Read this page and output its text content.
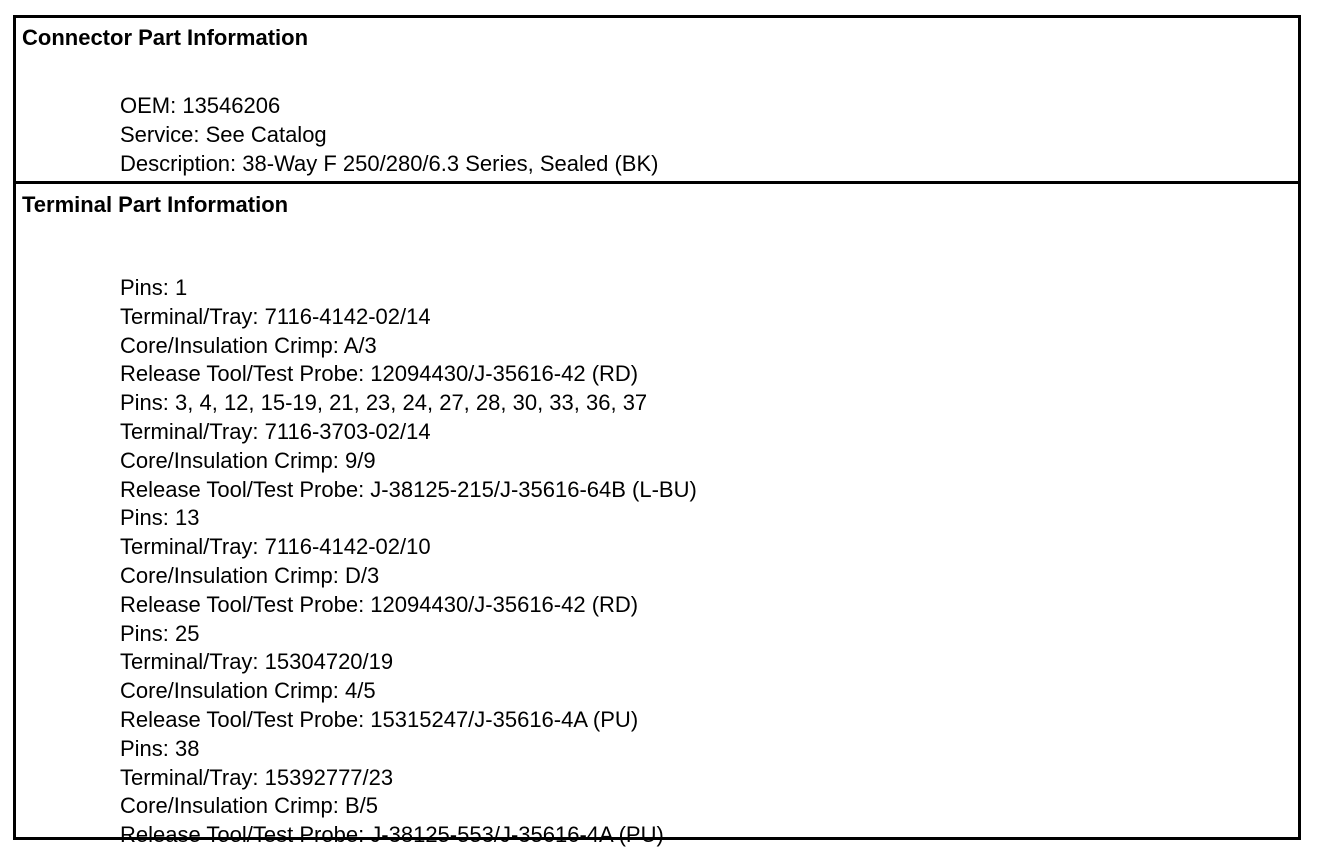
Connector Part Information
OEM: 13546206
Service: See Catalog
Description: 38-Way F 250/280/6.3 Series, Sealed (BK)
Terminal Part Information
Pins: 1
Terminal/Tray: 7116-4142-02/14
Core/Insulation Crimp: A/3
Release Tool/Test Probe: 12094430/J-35616-42 (RD)
Pins: 3, 4, 12, 15-19, 21, 23, 24, 27, 28, 30, 33, 36, 37
Terminal/Tray: 7116-3703-02/14
Core/Insulation Crimp: 9/9
Release Tool/Test Probe: J-38125-215/J-35616-64B (L-BU)
Pins: 13
Terminal/Tray: 7116-4142-02/10
Core/Insulation Crimp: D/3
Release Tool/Test Probe: 12094430/J-35616-42 (RD)
Pins: 25
Terminal/Tray: 15304720/19
Core/Insulation Crimp: 4/5
Release Tool/Test Probe: 15315247/J-35616-4A (PU)
Pins: 38
Terminal/Tray: 15392777/23
Core/Insulation Crimp: B/5
Release Tool/Test Probe: J-38125-553/J-35616-4A (PU)
